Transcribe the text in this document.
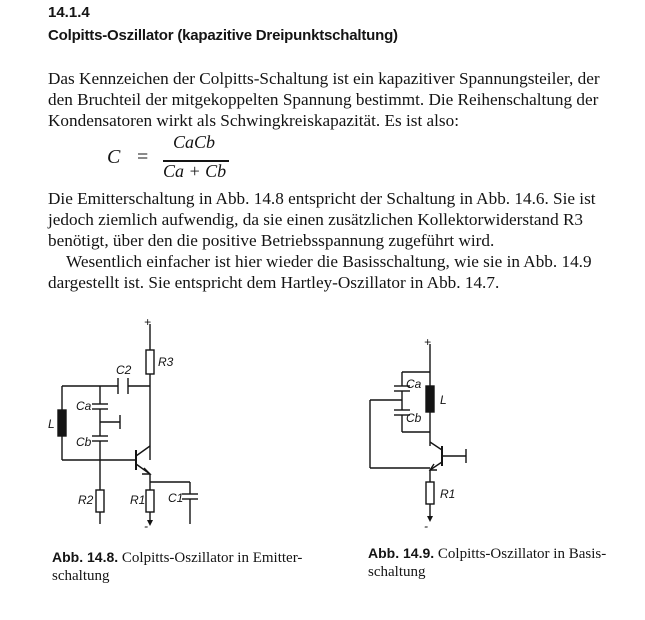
14.1.4
Colpitts-Oszillator (kapazitive Dreipunktschaltung)
Das Kennzeichen der Colpitts-Schaltung ist ein kapazitiver Spannungsteiler, der
den Bruchteil der mitgekoppelten Spannung bestimmt. Die Reihenschaltung der
Kondensatoren wirkt als Schwingkreiskapazität. Es ist also:
C =
CaCb
Ca + Cb
Die Emitterschaltung in Abb. 14.8 entspricht der Schaltung in Abb. 14.6. Sie ist
jedoch ziemlich aufwendig, da sie einen zusätzlichen Kollektorwiderstand R3
benötigt, über den die positive Betriebsspannung zugeführt wird.
Wesentlich einfacher ist hier wieder die Basisschaltung, wie sie in Abb. 14.9
dargestellt ist. Sie entspricht dem Hartley-Oszillator in Abb. 14.7.
+
-
R3
C2
Ca
Cb
L
R2	R1 C1
Abb. 14.8. Colpitts-Oszillator in Emitter-
schaltung
+
-
Ca
Cb
L
R1
Abb. 14.9. Colpitts-Oszillator in Basis-
schaltung
